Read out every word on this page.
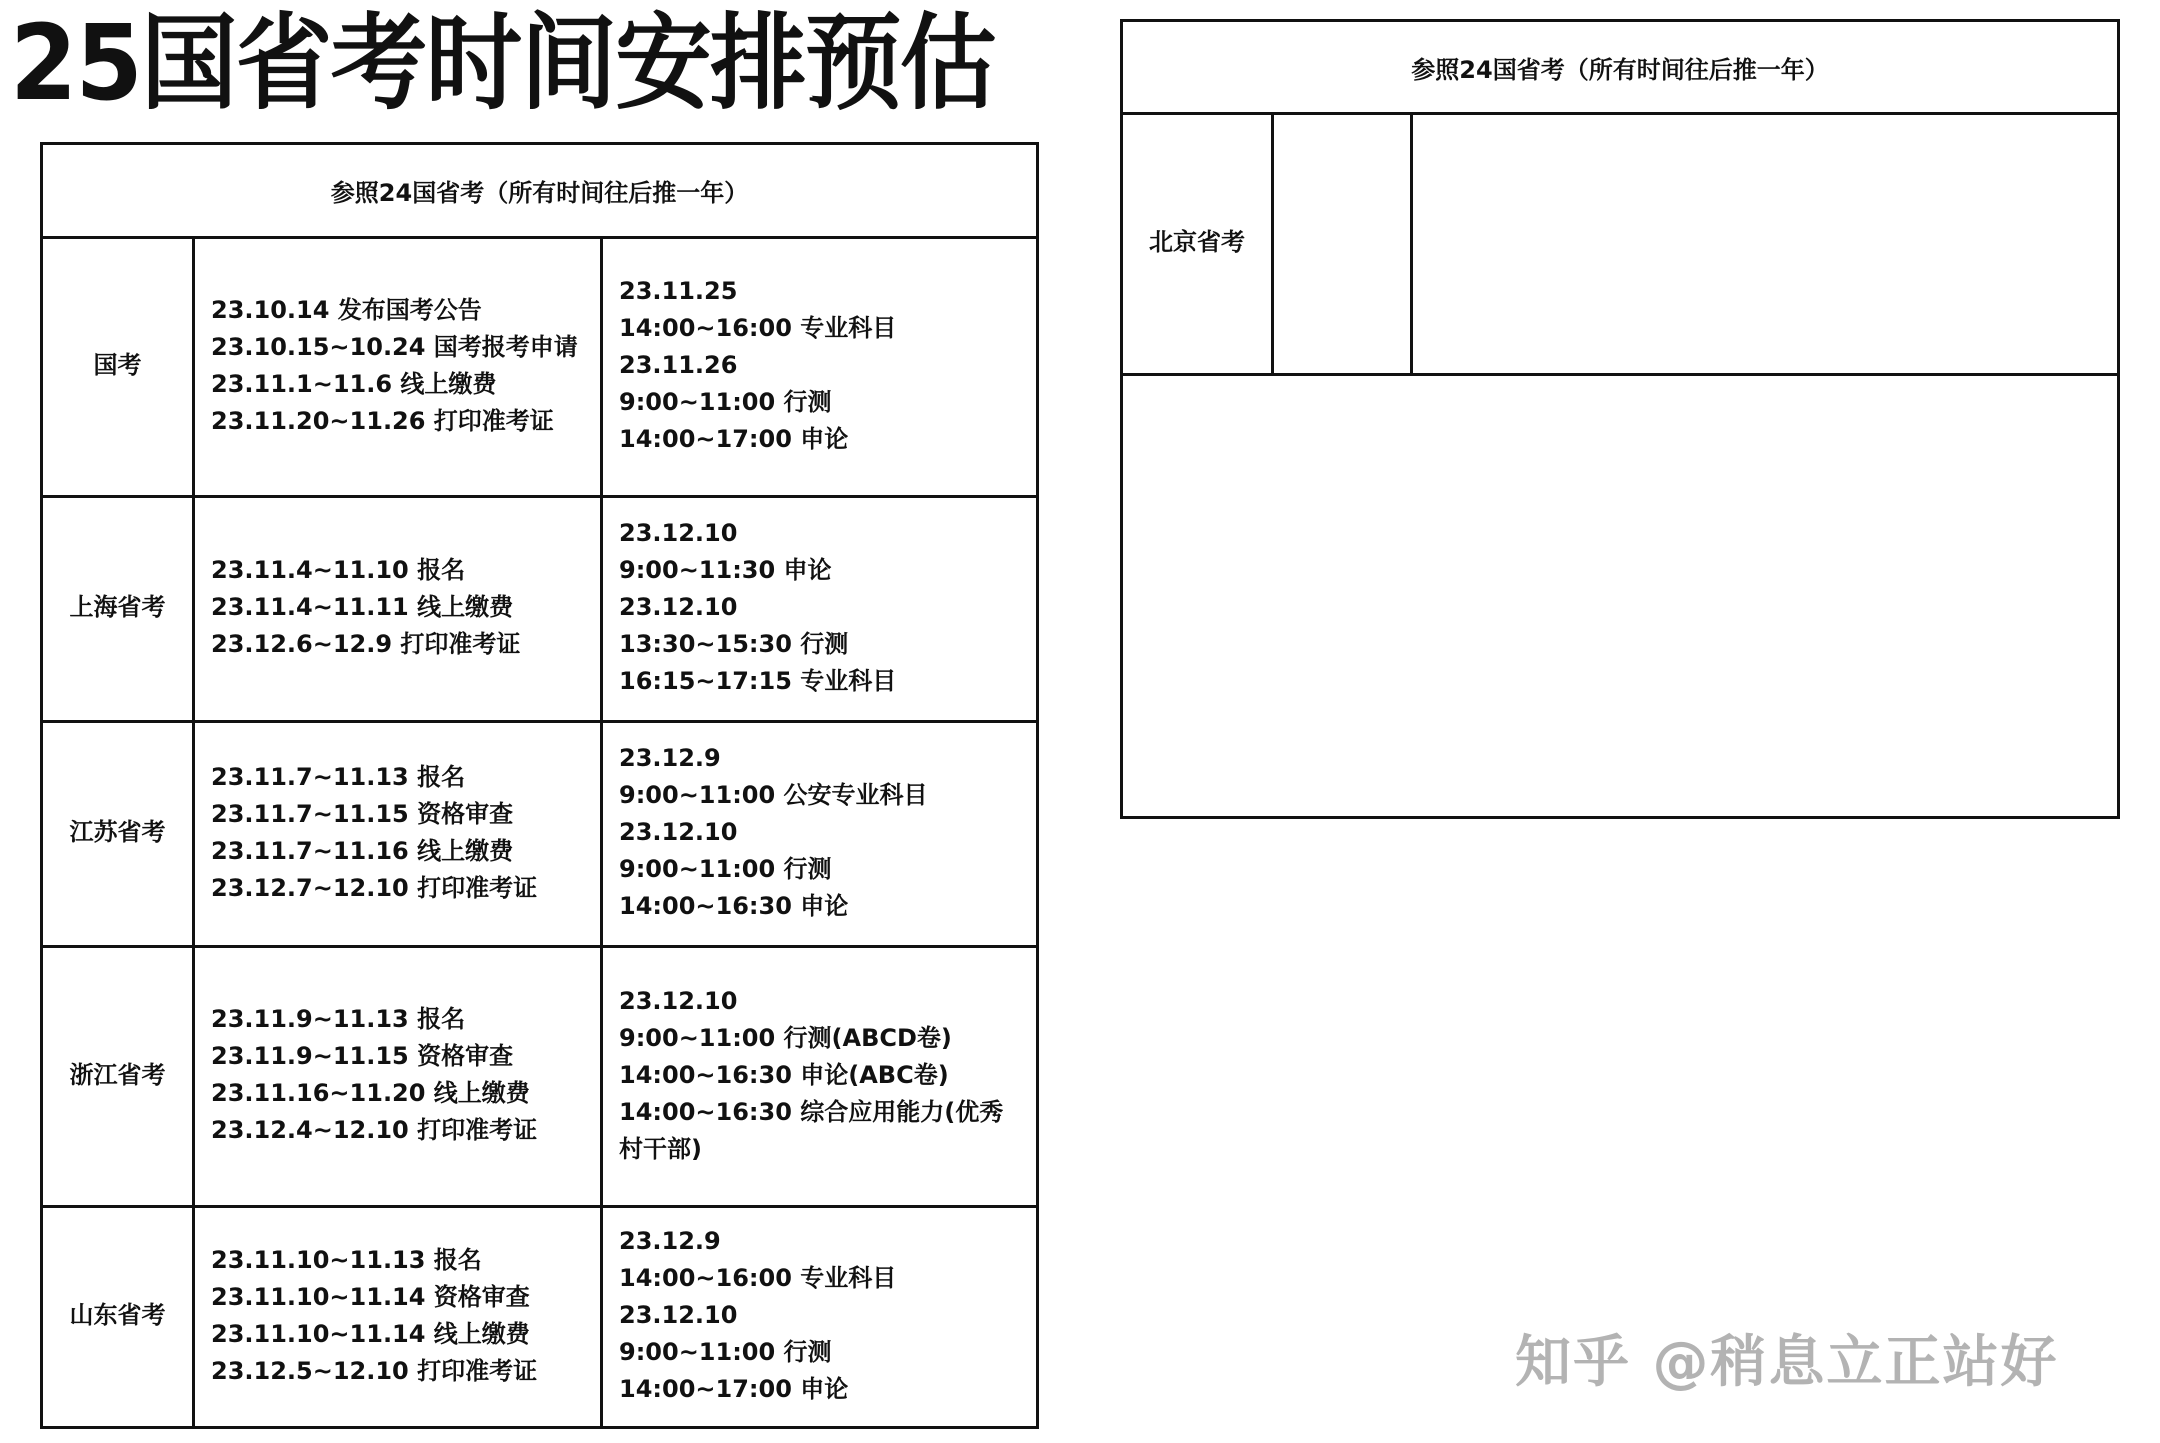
25国省考时间安排预估
参照24国省考（所有时间往后推一年）
国考
23.10.14 发布国考公告
23.10.15~10.24 国考报考申请
23.11.1~11.6 线上缴费
23.11.20~11.26 打印准考证
23.11.25
14:00~16:00 专业科目
23.11.26
9:00~11:00 行测
14:00~17:00 申论
上海省考
23.11.4~11.10 报名
23.11.4~11.11 线上缴费
23.12.6~12.9 打印准考证
23.12.10
9:00~11:30 申论
23.12.10
13:30~15:30 行测
16:15~17:15 专业科目
江苏省考
23.11.7~11.13 报名
23.11.7~11.15 资格审查
23.11.7~11.16 线上缴费
23.12.7~12.10 打印准考证
23.12.9
9:00~11:00 公安专业科目
23.12.10
9:00~11:00 行测
14:00~16:30 申论
浙江省考
23.11.9~11.13 报名
23.11.9~11.15 资格审查
23.11.16~11.20 线上缴费
23.12.4~12.10 打印准考证
23.12.10
9:00~11:00 行测(ABCD卷)
14:00~16:30 申论(ABC卷)
14:00~16:30 综合应用能力(优秀村干部)
山东省考
23.11.10~11.13 报名
23.11.10~11.14 资格审查
23.11.10~11.14 线上缴费
23.12.5~12.10 打印准考证
23.12.9
14:00~16:00 专业科目
23.12.10
9:00~11:00 行测
14:00~17:00 申论
参照24国省考（所有时间往后推一年）
北京省考
知乎 @稍息立正站好
